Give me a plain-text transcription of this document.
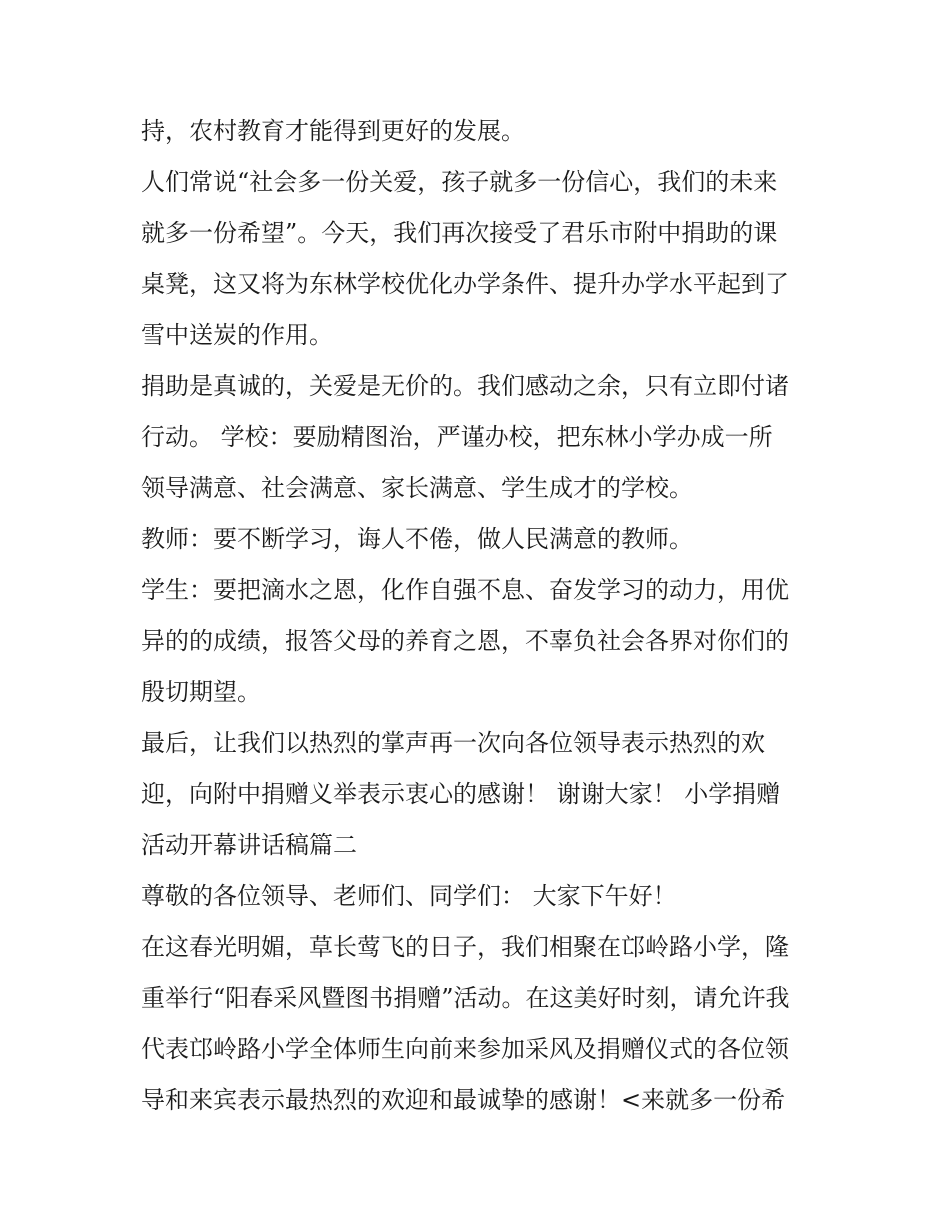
持，农村教育才能得到更好的发展。
人们常说“社会多一份关爱，孩子就多一份信心，我们的未来
就多一份希望”。今天，我们再次接受了君乐市附中捐助的课
桌凳，这又将为东林学校优化办学条件、提升办学水平起到了
雪中送炭的作用。
捐助是真诚的，关爱是无价的。我们感动之余，只有立即付诸
行动。 学校：要励精图治，严谨办校，把东林小学办成一所
领导满意、社会满意、家长满意、学生成才的学校。
教师：要不断学习，诲人不倦，做人民满意的教师。
学生：要把滴水之恩，化作自强不息、奋发学习的动力，用优
异的的成绩，报答父母的养育之恩，不辜负社会各界对你们的
殷切期望。
最后，让我们以热烈的掌声再一次向各位领导表示热烈的欢
迎，向附中捐赠义举表示衷心的感谢！ 谢谢大家！ 小学捐赠
活动开幕讲话稿篇二
尊敬的各位领导、老师们、同学们： 大家下午好！
在这春光明媚，草长莺飞的日子，我们相聚在邙岭路小学，隆
重举行“阳春采风暨图书捐赠”活动。在这美好时刻，请允许我
代表邙岭路小学全体师生向前来参加采风及捐赠仪式的各位领
导和来宾表示最热烈的欢迎和最诚挚的感谢！<来就多一份希
